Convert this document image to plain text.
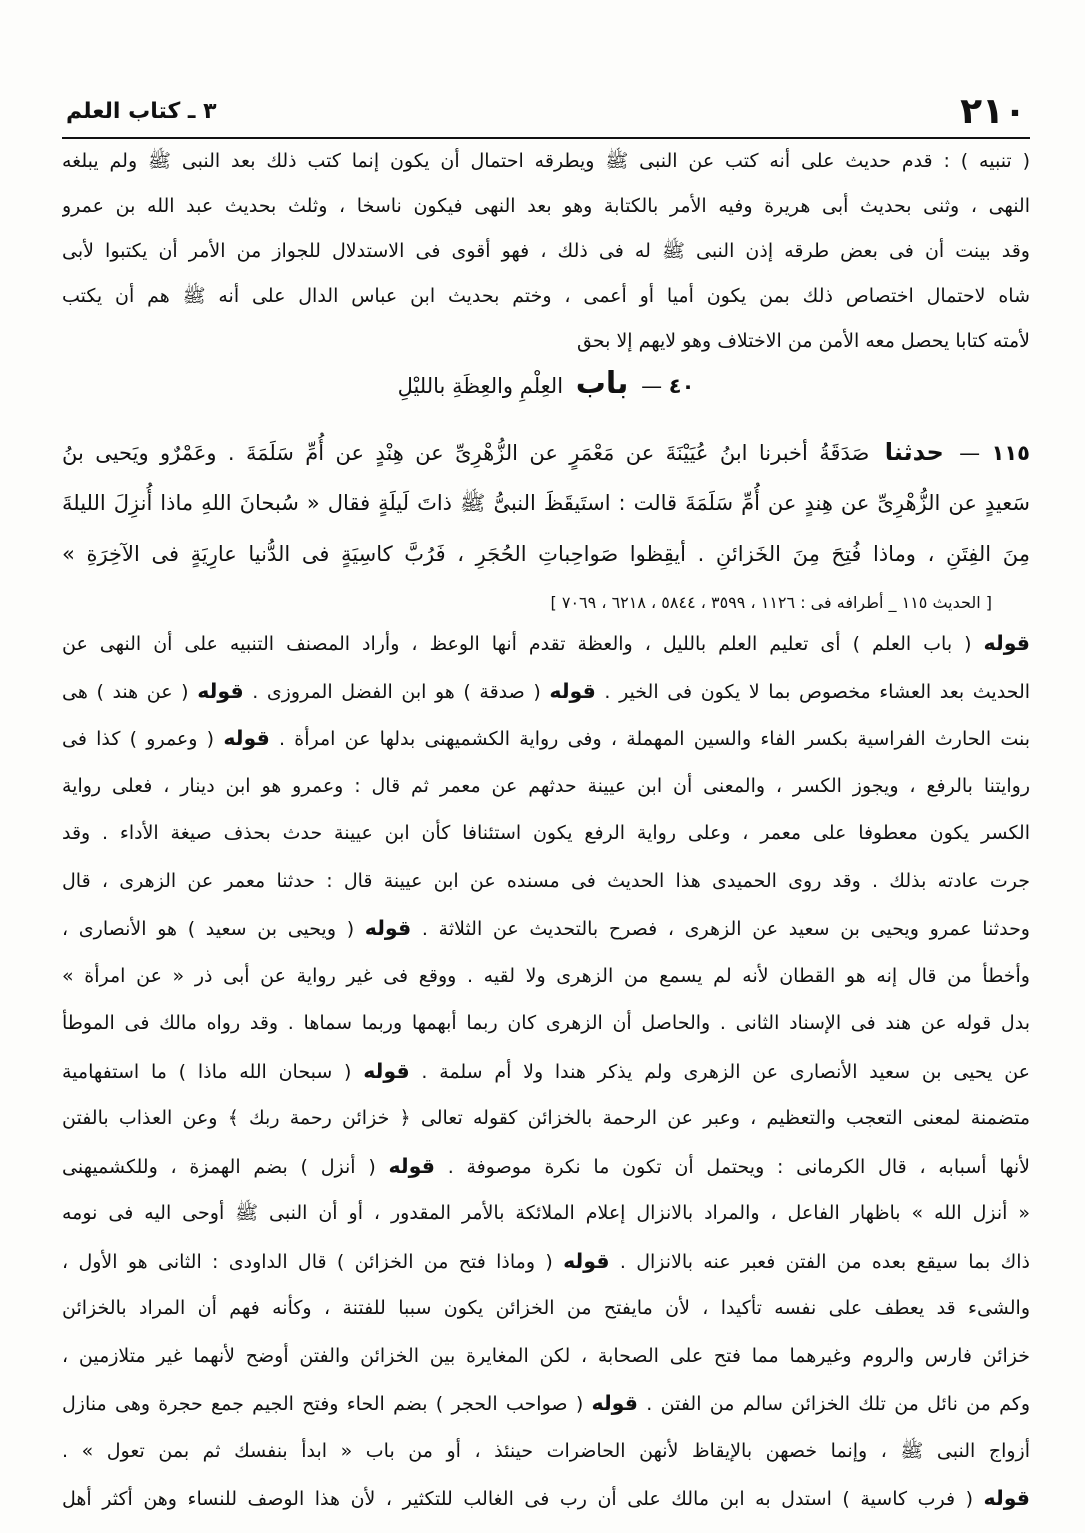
٢١٠
٣ ـ كتاب العلم
( تنبيه ) : قدم حديث على أنه كتب عن النبى ﷺ ويطرقه احتمال أن يكون إنما كتب ذلك بعد النبى ﷺ ولم يبلغه
النهى ، وثنى بحديث أبى هريرة وفيه الأمر بالكتابة وهو بعد النهى فيكون ناسخا ، وثلث بحديث عبد الله بن عمرو
وقد بينت أن فى بعض طرقه إذن النبى ﷺ له فى ذلك ، فهو أقوى فى الاستدلال للجواز من الأمر أن يكتبوا لأبى
شاه لاحتمال اختصاص ذلك بمن يكون أميا أو أعمى ، وختم بحديث ابن عباس الدال على أنه ﷺ هم أن يكتب
لأمته كتابا يحصل معه الأمن من الاختلاف وهو لايهم إلا بحق
٤٠ — باب العِلْمِ والعِظَةِ بالليْلِ
١١٥ — حدثنا صَدَقَةُ أخبرنا ابنُ عُيَيْنَةَ عن مَعْمَرٍ عن الزُّهْرِىِّ عن هِنْدٍ عن أُمِّ سَلَمَةَ . وعَمْرٌو ويَحيى بنُ
سَعيدٍ عن الزُّهْرِىِّ عن هِندٍ عن أُمِّ سَلَمَةَ قالت : استَيقَظَ النبىُّ ﷺ ذاتَ لَيلَةٍ فقال « سُبحانَ اللهِ ماذا أُنزِلَ الليلةَ
مِنَ الفِتَنِ ، وماذا فُتِحَ مِنَ الخَزائنِ . أيقِظوا صَواحِباتِ الحُجَرِ ، فَرُبَّ كاسِيَةٍ فى الدُّنيا عارِيَةٍ فى الآخِرَةِ »
[ الحديث ١١٥ _ أطرافه فى : ١١٢٦ ، ٣٥٩٩ ، ٥٨٤٤ ، ٦٢١٨ ، ٧٠٦٩ ]
قوله ( باب العلم ) أى تعليم العلم بالليل ، والعظة تقدم أنها الوعظ ، وأراد المصنف التنبيه على أن النهى عن
الحديث بعد العشاء مخصوص بما لا يكون فى الخير . قوله ( صدقة ) هو ابن الفضل المروزى . قوله ( عن هند ) هى
بنت الحارث الفراسية بكسر الفاء والسين المهملة ، وفى رواية الكشميهنى بدلها عن امرأة . قوله ( وعمرو ) كذا فى
روايتنا بالرفع ، ويجوز الكسر ، والمعنى أن ابن عيينة حدثهم عن معمر ثم قال : وعمرو هو ابن دينار ، فعلى رواية
الكسر يكون معطوفا على معمر ، وعلى رواية الرفع يكون استئنافا كأن ابن عيينة حدث بحذف صيغة الأداء . وقد
جرت عادته بذلك . وقد روى الحميدى هذا الحديث فى مسنده عن ابن عيينة قال : حدثنا معمر عن الزهرى ، قال
وحدثنا عمرو ويحيى بن سعيد عن الزهرى ، فصرح بالتحديث عن الثلاثة . قوله ( ويحيى بن سعيد ) هو الأنصارى ،
وأخطأ من قال إنه هو القطان لأنه لم يسمع من الزهرى ولا لقيه . ووقع فى غير رواية عن أبى ذر « عن امرأة »
بدل قوله عن هند فى الإسناد الثانى . والحاصل أن الزهرى كان ربما أبهمها وربما سماها . وقد رواه مالك فى الموطأ
عن يحيى بن سعيد الأنصارى عن الزهرى ولم يذكر هندا ولا أم سلمة . قوله ( سبحان الله ماذا ) ما استفهامية
متضمنة لمعنى التعجب والتعظيم ، وعبر عن الرحمة بالخزائن كقوله تعالى ﴿ خزائن رحمة ربك ﴾ وعن العذاب بالفتن
لأنها أسبابه ، قال الكرمانى : ويحتمل أن تكون ما نكرة موصوفة . قوله ( أنزل ) بضم الهمزة ، وللكشميهنى
« أنزل الله » باظهار الفاعل ، والمراد بالانزال إعلام الملائكة بالأمر المقدور ، أو أن النبى ﷺ أوحى اليه فى نومه
ذاك بما سيقع بعده من الفتن فعبر عنه بالانزال . قوله ( وماذا فتح من الخزائن ) قال الداودى : الثانى هو الأول ،
والشىء قد يعطف على نفسه تأكيدا ، لأن مايفتح من الخزائن يكون سببا للفتنة ، وكأنه فهم أن المراد بالخزائن
خزائن فارس والروم وغيرهما مما فتح على الصحابة ، لكن المغايرة بين الخزائن والفتن أوضح لأنهما غير متلازمين ،
وكم من نائل من تلك الخزائن سالم من الفتن . قوله ( صواحب الحجر ) بضم الحاء وفتح الجيم جمع حجرة وهى منازل
أزواج النبى ﷺ ، وإنما خصهن بالإيقاظ لأنهن الحاضرات حينئذ ، أو من باب « ابدأ بنفسك ثم بمن تعول » .
قوله ( فرب كاسية ) استدل به ابن مالك على أن رب فى الغالب للتكثير ، لأن هذا الوصف للنساء وهن أكثر أهل
